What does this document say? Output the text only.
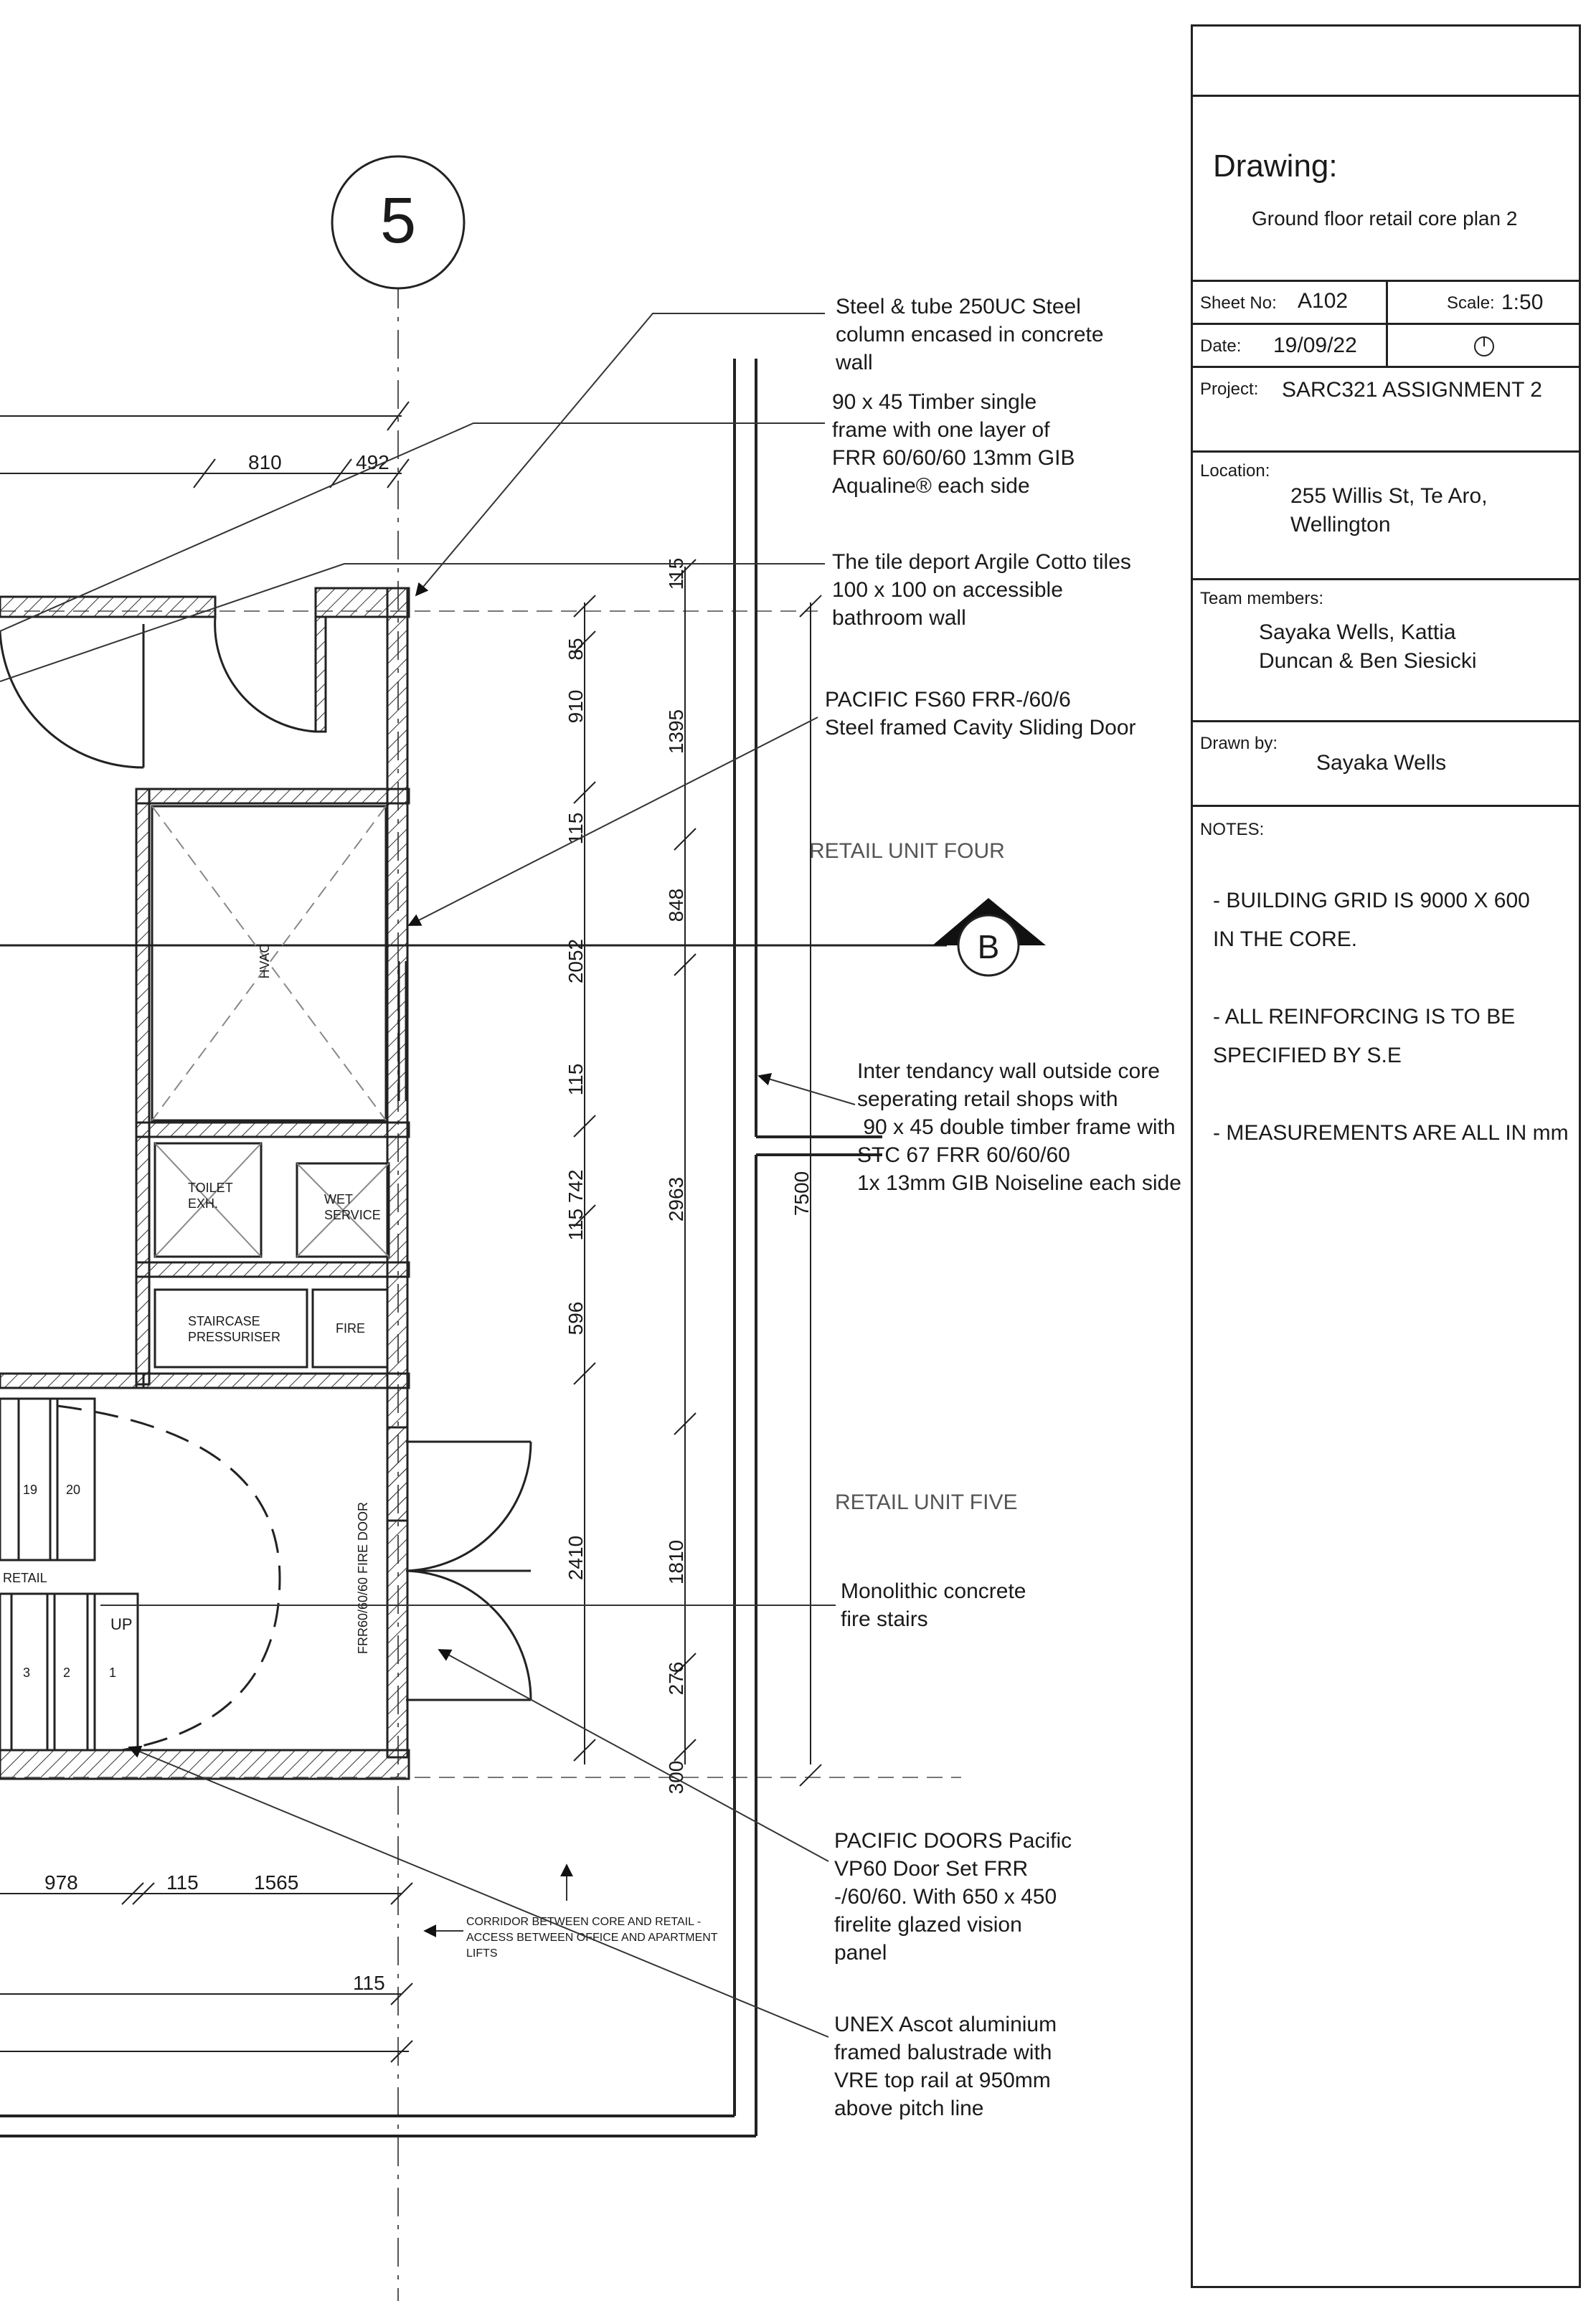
5
B
HVAC
TOILET
EXH.	WET
SERVICE
STAIRCASE
PRESSURISER
FIRE
19 20
3	2	1
RETAIL
UP	FRR60/60/60 FIRE DOOR
RETAIL UNIT FOUR
RETAIL UNIT FIVE
CORRIDOR BETWEEN CORE AND RETAIL -
ACCESS BETWEEN OFFICE AND APARTMENT
LIFTS
810	492
85
910
115
2052
115
115 742
596
2410
115
1395
848
2963
1810
276
300
7500
978	115	1565
115
Steel & tube 250UC Steel
column encased in concrete
wall
90 x 45 Timber single
frame with one layer of
FRR 60/60/60 13mm GIB
Aqualine® each side
The tile deport Argile Cotto tiles
100 x 100 on accessible
bathroom wall
PACIFIC FS60 FRR-/60/6
Steel framed Cavity Sliding Door
Inter tendancy wall outside core
seperating retail shops with
90 x 45 double timber frame with
STC 67 FRR 60/60/60
1x 13mm GIB Noiseline each side
Monolithic concrete
fire stairs
PACIFIC DOORS Pacific
VP60 Door Set FRR
-/60/60. With 650 x 450
firelite glazed vision
panel
UNEX Ascot aluminium
framed balustrade with
VRE top rail at 950mm
above pitch line
Drawing:
Ground floor retail core plan 2
Sheet No: A102	Scale: 1:50
Date: 19/09/22
Project: SARC321 ASSIGNMENT 2
Location:
255 Willis St, Te Aro,
Wellington
Team members:
Sayaka Wells, Kattia
Duncan & Ben Siesicki
Drawn by:
Sayaka Wells
NOTES:
- BUILDING GRID IS 9000 X 600
IN THE CORE.
- ALL REINFORCING IS TO BE
SPECIFIED BY S.E
- MEASUREMENTS ARE ALL IN mm
